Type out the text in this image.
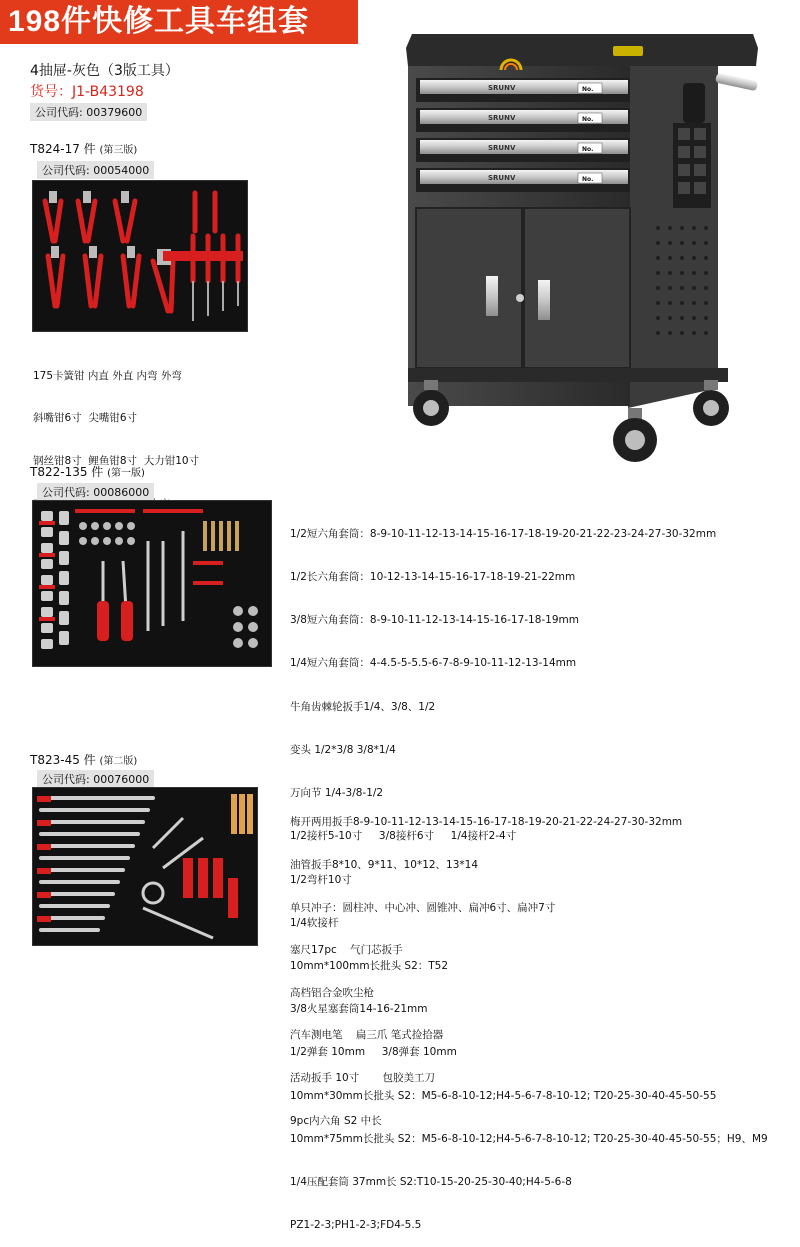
198件快修工具车组套
4抽屉-灰色（3版工具）
货号：J1-B43198
公司代码: 00379600
No.
SRUNV
No.
SRUNV
No.
SRUNV
No.
SRUNV
T824-17 件 (第三版)
公司代码: 00054000

175卡簧钳 内直 外直 内弯 外弯

斜嘴钳6寸  尖嘴钳6寸

钢丝钳8寸  鲤鱼钳8寸  大力钳10寸

T822-135 件 (第一版)
公司代码: 00086000

1/2短六角套筒：8-9-10-11-12-13-14-15-16-17-18-19-20-21-22-23-24-27-30-32mm

1/2长六角套筒：10-12-13-14-15-16-17-18-19-21-22mm

3/8短六角套筒：8-9-10-11-12-13-14-15-16-17-18-19mm

1/4短六角套筒：4-4.5-5-5.5-6-7-8-9-10-11-12-13-14mm

牛角齿棘轮扳手1/4、3/8、1/2

变头 1/2*3/8 3/8*1/4

万向节 1/4-3/8-1/2

1/2接杆5-10寸     3/8接杆6寸     1/4接杆2-4寸

1/2弯杆10寸

1/4软接杆

10mm*100mm长批头 S2：T52

3/8火星塞套筒14-16-21mm

1/2弹套 10mm     3/8弹套 10mm

10mm*30mm长批头 S2：M5-6-8-10-12;H4-5-6-7-8-10-12; T20-25-30-40-45-50-55

10mm*75mm长批头 S2：M5-6-8-10-12;H4-5-6-7-8-10-12; T20-25-30-40-45-50-55；H9、M9

1/4压配套筒 37mm长 S2:T10-15-20-25-30-40;H4-5-6-8

PZ1-2-3;PH1-2-3;FD4-5.5

T823-45 件 (第二版)
公司代码: 00076000

梅开两用扳手8-9-10-11-12-13-14-15-16-17-18-19-20-21-22-24-27-30-32mm

油管扳手8*10、9*11、10*12、13*14

单只冲子：圆柱冲、中心冲、圆锥冲、扁冲6寸、扁冲7寸

塞尺17pc    气门芯扳手

高档铝合金吹尘枪

汽车测电笔    扁三爪 笔式捡拾器

活动扳手 10寸       包胶美工刀

9pc内六角 S2 中长
